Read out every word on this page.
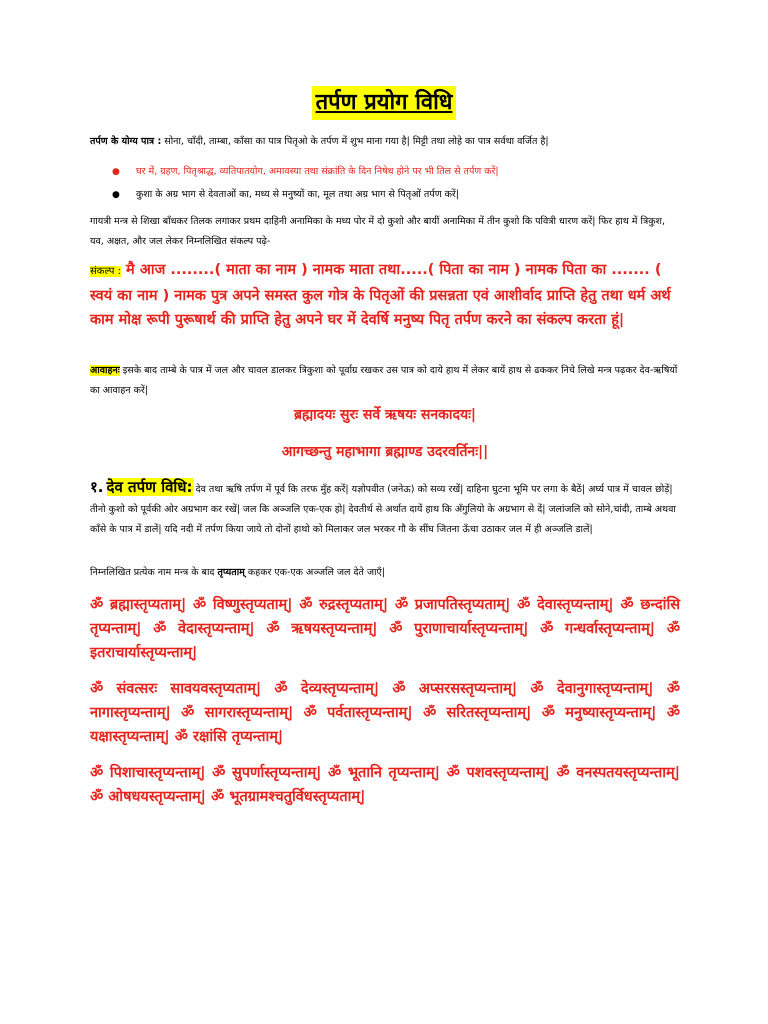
तर्पण प्रयोग विधि
तर्पण के योग्य पात्र : सोना, चाँदी, ताम्बा, काँसा का पात्र पितृओ के तर्पण में शुभ माना गया है| मिट्टी तथा लोहे का पात्र सर्वथा वर्जित है|
● घर में, ग्रहण, पितृश्राद्ध, व्यतिपातयोग, अमावस्या तथा संक्रांति के दिन निषेध होने पर भी तिल से तर्पण करें|
● कुशा के अग्र भाग से देवताओं का, मध्य से मनुष्यों का, मूल तथा अग्र भाग से पितृओं तर्पण करें|
गायत्री मन्त्र से शिखा बाँधकर तिलक लगाकर प्रथम दाहिनी अनामिका के मध्य पोर में दो कुशो और बायीं अनामिका में तीन कुशो कि पवित्री धारण करें| फिर हाथ में त्रिकुश, यव, अक्षत, और जल लेकर निम्नलिखित संकल्प पढ़े-
संकल्प : मै आज ........( माता का नाम ) नामक माता तथा.....( पिता का नाम ) नामक पिता का ....... ( स्वयं का नाम ) नामक पुत्र अपने समस्त कुल गोत्र के पितृओं की प्रसन्नता एवं आशीर्वाद प्राप्ति हेतु तथा धर्म अर्थ काम मोक्ष रूपी पुरूषार्थ की प्राप्ति हेतु अपने घर में देवर्षि मनुष्य पितृ तर्पण करने का संकल्प करता हूं|
आवाहनः इसके बाद ताम्बे के पात्र में जल और चावल डालकर त्रिकुशा को पूर्वाग्र रखकर उस पात्र को दाये हाथ में लेकर बायें हाथ से ढककर निचे लिखे मन्त्र पढ़कर देव-ऋषियों का आवाहन करें|
ब्रह्मादयः सुरः सर्वे ऋषयः सनकादयः|
आगच्छन्तु महाभागा ब्रह्माण्ड उदरवर्तिनः||
१. देव तर्पण विधि: देव तथा ऋषि तर्पण में पूर्व कि तरफ मुँह करें| यज्ञोपवीत (जनेऊ) को सव्य रखें| दाहिना घुटना भूमि पर लगा के बैठें| अर्घ्य पात्र में चावल छोड़ें| तीनो कुशो को पूर्वकी ओर अग्रभाग कर रखें| जल कि अञ्जलि एक-एक हो| देवतीर्थ से अर्थात दायें हाथ कि अँगुलियो के अग्रभाग से दें| जलांजलि को सोने,चांदी, ताम्बे अथवा काँसे के पात्र में डालें| यदि नदी में तर्पण किया जाये तो दोनों हाथो को मिलाकर जल भरकर गौ के सींघ जितना ऊँचा उठाकर जल में ही अञ्जलि डालें|
निम्नलिखित प्रत्येक नाम मन्त्र के बाद तृप्यताम् कहकर एक-एक अञ्जलि जल देते जाएँ|
ॐ ब्रह्मास्तृप्यताम्| ॐ विष्णुस्तृप्यताम्| ॐ रुद्रस्तृप्यताम्| ॐ प्रजापतिस्तृप्यताम्| ॐ देवास्तृप्यन्ताम्| ॐ छन्दांसि तृप्यन्ताम्| ॐ वेदास्तृप्यन्ताम्| ॐ ऋषयस्तृप्यन्ताम्| ॐ पुराणाचार्यास्तृप्यन्ताम्| ॐ गन्धर्वास्तृप्यन्ताम्| ॐ इतराचार्यास्तृप्यन्ताम्|
ॐ संवत्सरः सावयवस्तृप्यताम्| ॐ देव्यस्तृप्यन्ताम्| ॐ अप्सरसस्तृप्यन्ताम्| ॐ देवानुगास्तृप्यन्ताम्| ॐ नागास्तृप्यन्ताम्| ॐ सागरास्तृप्यन्ताम्| ॐ पर्वतास्तृप्यन्ताम्| ॐ सरितस्तृप्यन्ताम्| ॐ मनुष्यास्तृप्यन्ताम्| ॐ यक्षास्तृप्यन्ताम्| ॐ रक्षांसि तृप्यन्ताम्|
ॐ पिशाचास्तृप्यन्ताम्| ॐ सुपर्णास्तृप्यन्ताम्| ॐ भूतानि तृप्यन्ताम्| ॐ पशवस्तृप्यन्ताम्| ॐ वनस्पतयस्तृप्यन्ताम्| ॐ ओषधयस्तृप्यन्ताम्| ॐ भूतग्रामश्चतुर्विधस्तृप्यताम्|
